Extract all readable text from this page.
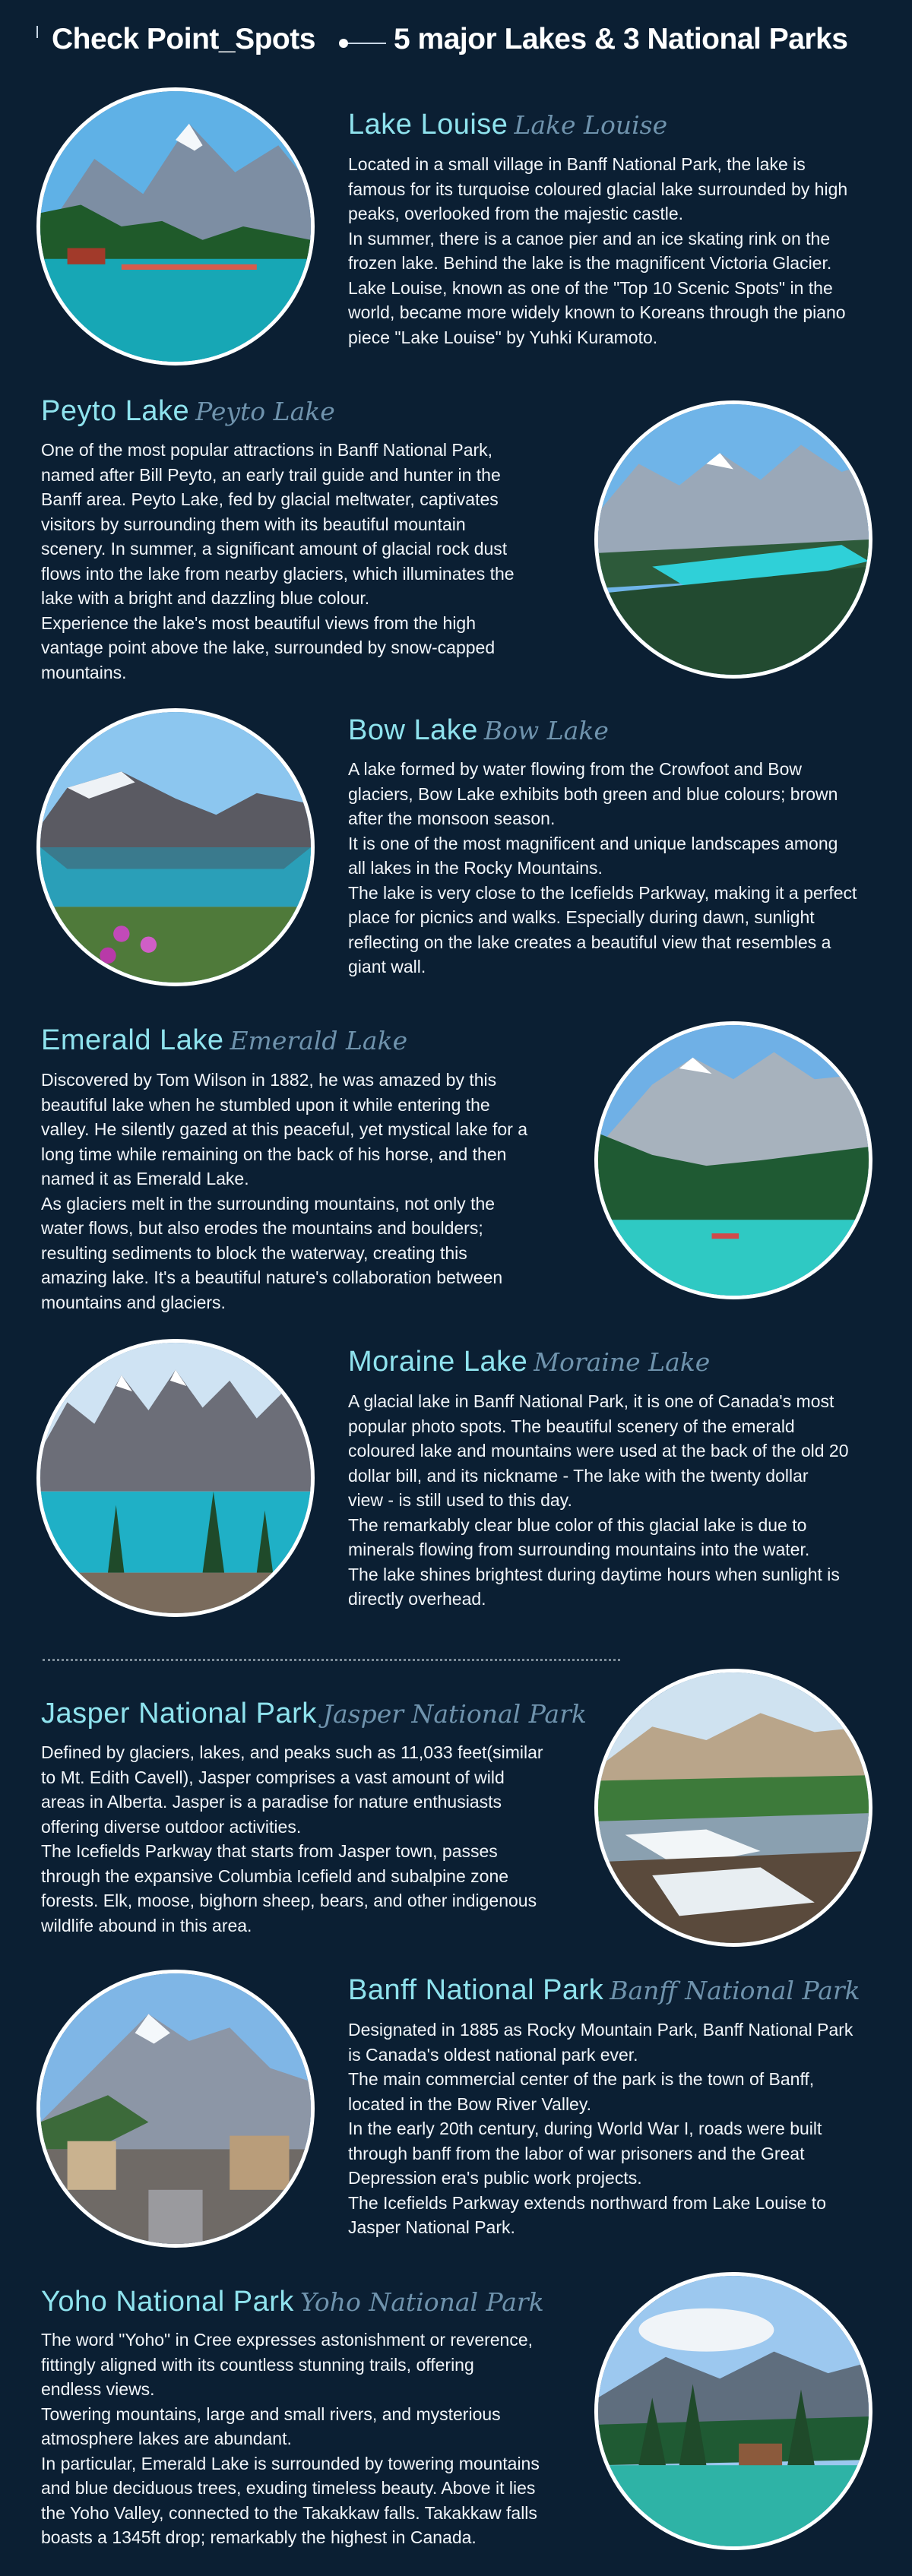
Check Point_Spots	5 major Lakes & 3 National Parks
Lake Louise Lake Louise

Located in a small village in Banff National Park, the lake is

famous for its turquoise coloured glacial lake surrounded by high

peaks, overlooked from the majestic castle.

In summer, there is a canoe pier and an ice skating rink on the

frozen lake. Behind the lake is the magnificent Victoria Glacier.

Lake Louise, known as one of the "Top 10 Scenic Spots" in the

world, became more widely known to Koreans through the piano

piece "Lake Louise" by Yuhki Kuramoto.

Peyto Lake Peyto Lake

One of the most popular attractions in Banff National Park,

named after Bill Peyto, an early trail guide and hunter in the

Banff area. Peyto Lake, fed by glacial meltwater, captivates

visitors by surrounding them with its beautiful mountain

scenery. In summer, a significant amount of glacial rock dust

flows into the lake from nearby glaciers, which illuminates the

lake with a bright and dazzling blue colour.

Experience the lake's most beautiful views from the high

vantage point above the lake, surrounded by snow-capped

mountains.

Bow Lake Bow Lake

A lake formed by water flowing from the Crowfoot and Bow

glaciers, Bow Lake exhibits both green and blue colours; brown

after the monsoon season.

It is one of the most magnificent and unique landscapes among

all lakes in the Rocky Mountains.

The lake is very close to the Icefields Parkway, making it a perfect

place for picnics and walks. Especially during dawn, sunlight

reflecting on the lake creates a beautiful view that resembles a

giant wall.

Emerald Lake Emerald Lake

Discovered by Tom Wilson in 1882, he was amazed by this

beautiful lake when he stumbled upon it while entering the

valley. He silently gazed at this peaceful, yet mystical lake for a

long time while remaining on the back of his horse, and then

named it as Emerald Lake.

As glaciers melt in the surrounding mountains, not only the

water flows, but also erodes the mountains and boulders;

resulting sediments to block the waterway, creating this

amazing lake. It's a beautiful nature's collaboration between

mountains and glaciers.

Moraine Lake Moraine Lake

A glacial lake in Banff National Park, it is one of Canada's most

popular photo spots. The beautiful scenery of the emerald

coloured lake and mountains were used at the back of the old 20

dollar bill, and its nickname - The lake with the twenty dollar

view - is still used to this day.

The remarkably clear blue color of this glacial lake is due to

minerals flowing from surrounding mountains into the water.

The lake shines brightest during daytime hours when sunlight is

directly overhead.

Jasper National Park Jasper National Park

Defined by glaciers, lakes, and peaks such as 11,033 feet(similar

to Mt. Edith Cavell), Jasper comprises a vast amount of wild

areas in Alberta. Jasper is a paradise for nature enthusiasts

offering diverse outdoor activities.

The Icefields Parkway that starts from Jasper town, passes

through the expansive Columbia Icefield and subalpine zone

forests. Elk, moose, bighorn sheep, bears, and other indigenous

wildlife abound in this area.

Banff National Park Banff National Park

Designated in 1885 as Rocky Mountain Park, Banff National Park

is Canada's oldest national park ever.

The main commercial center of the park is the town of Banff,

located in the Bow River Valley.

In the early 20th century, during World War I, roads were built

through banff from the labor of war prisoners and the Great

Depression era's public work projects.

The Icefields Parkway extends northward from Lake Louise to

Jasper National Park.

Yoho National Park Yoho National Park

The word "Yoho" in Cree expresses astonishment or reverence,

fittingly aligned with its countless stunning trails, offering

endless views.

Towering mountains, large and small rivers, and mysterious

atmosphere lakes are abundant.

In particular, Emerald Lake is surrounded by towering mountains

and blue deciduous trees, exuding timeless beauty. Above it lies

the Yoho Valley, connected to the Takakkaw falls. Takakkaw falls

boasts a 1345ft drop; remarkably the highest in Canada.
